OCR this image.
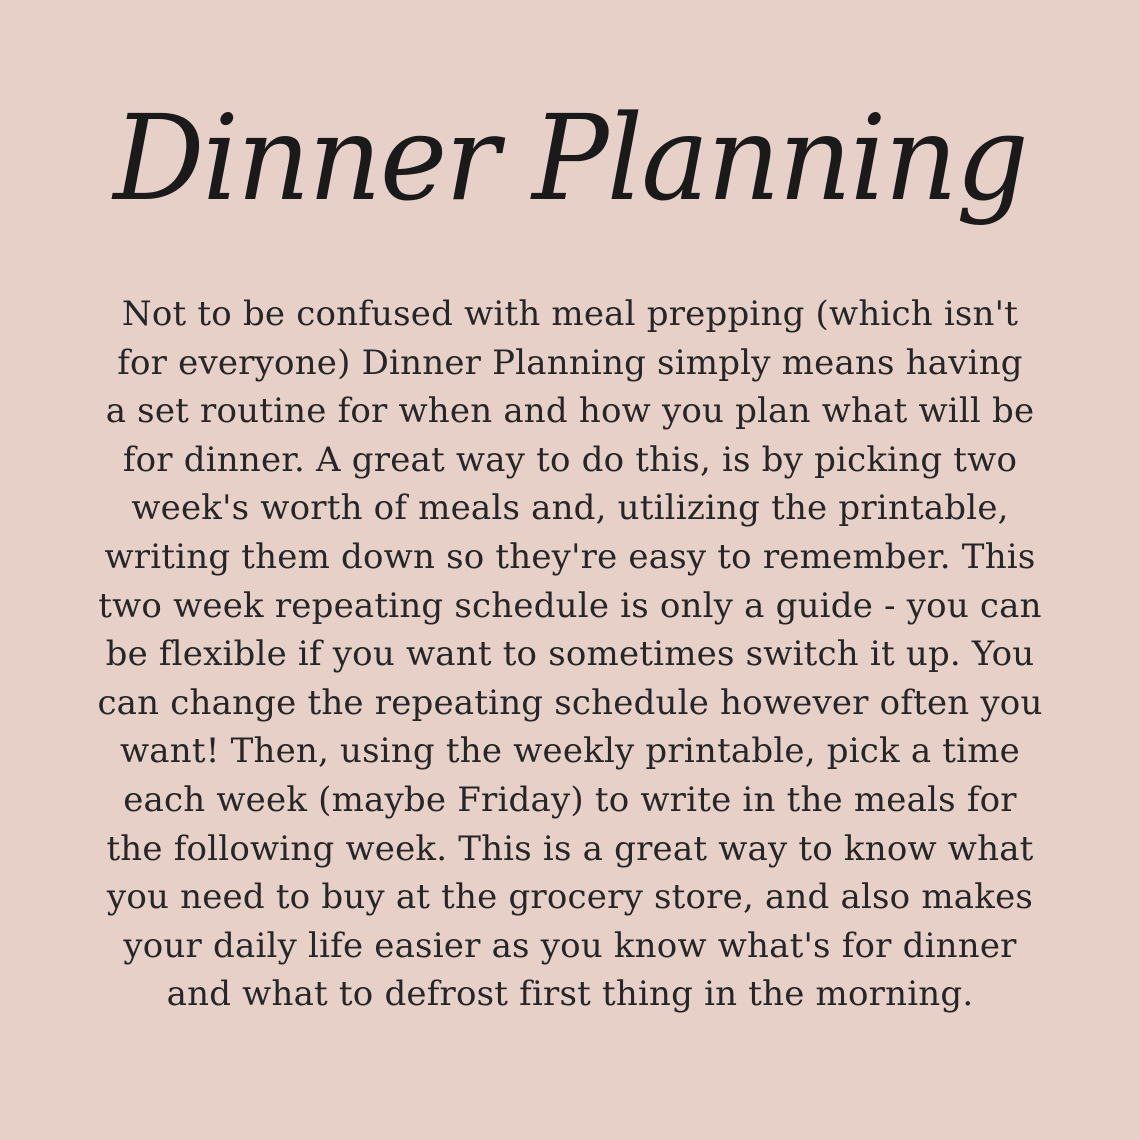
Dinner Planning

Not to be confused with meal prepping (which isn't
for everyone) Dinner Planning simply means having
a set routine for when and how you plan what will be
for dinner. A great way to do this, is by picking two
week's worth of meals and, utilizing the printable,
writing them down so they're easy to remember. This
two week repeating schedule is only a guide - you can
be flexible if you want to sometimes switch it up. You
can change the repeating schedule however often you
want! Then, using the weekly printable, pick a time
each week (maybe Friday) to write in the meals for
the following week. This is a great way to know what
you need to buy at the grocery store, and also makes
your daily life easier as you know what's for dinner
and what to defrost first thing in the morning.
